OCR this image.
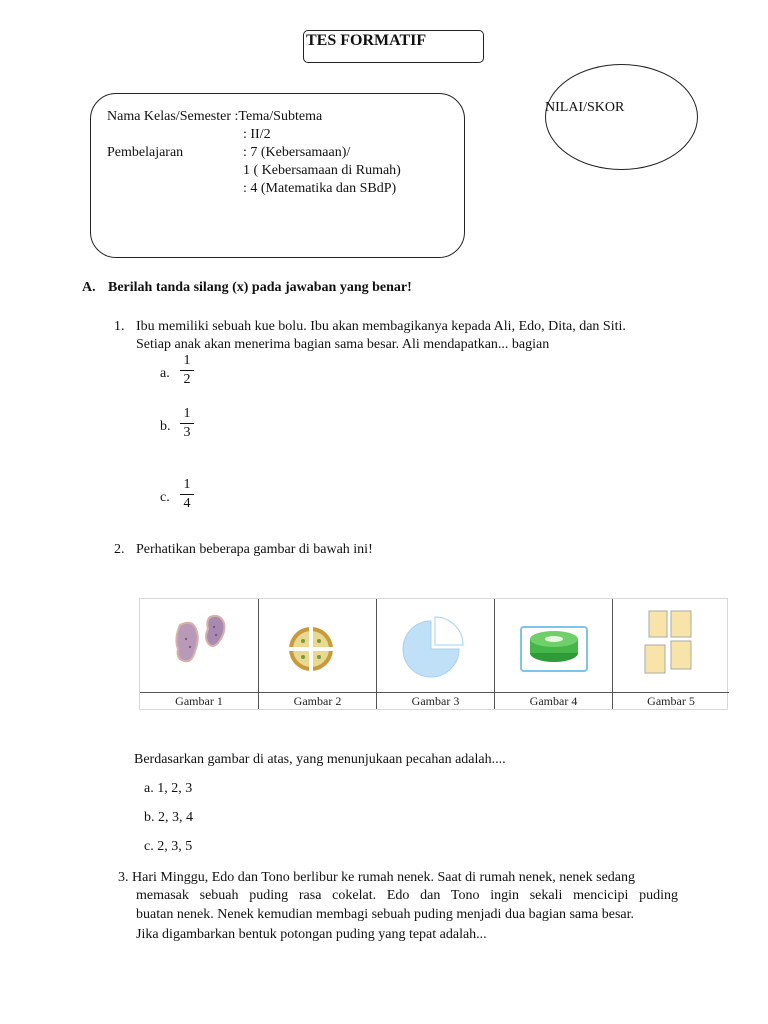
TES FORMATIF
Nama Kelas/Semester :Tema/Subtema
: II/2
Pembelajaran	: 7 (Kebersamaan)/
1 ( Kebersamaan di Rumah)
: 4 (Matematika dan SBdP)
NILAI/SKOR
A. Berilah tanda silang (x) pada jawaban yang benar!
1. Ibu memiliki sebuah kue bolu. Ibu akan membagikanya kepada Ali, Edo, Dita, dan Siti.
Setiap anak akan menerima bagian sama besar. Ali mendapatkan... bagian
a.
1
2
b.
1
3
c.
1
4
2. Perhatikan beberapa gambar di bawah ini!
Gambar 1	Gambar 2	Gambar 3	Gambar 4	Gambar 5
Berdasarkan gambar di atas, yang menunjukaan pecahan adalah....
a. 1, 2, 3
b. 2, 3, 4
c. 2, 3, 5
3. Hari Minggu, Edo dan Tono berlibur ke rumah nenek. Saat di rumah nenek, nenek sedang
memasak sebuah puding rasa cokelat. Edo dan Tono ingin sekali mencicipi puding
buatan nenek. Nenek kemudian membagi sebuah puding menjadi dua bagian sama besar.
Jika digambarkan bentuk potongan puding yang tepat adalah...
